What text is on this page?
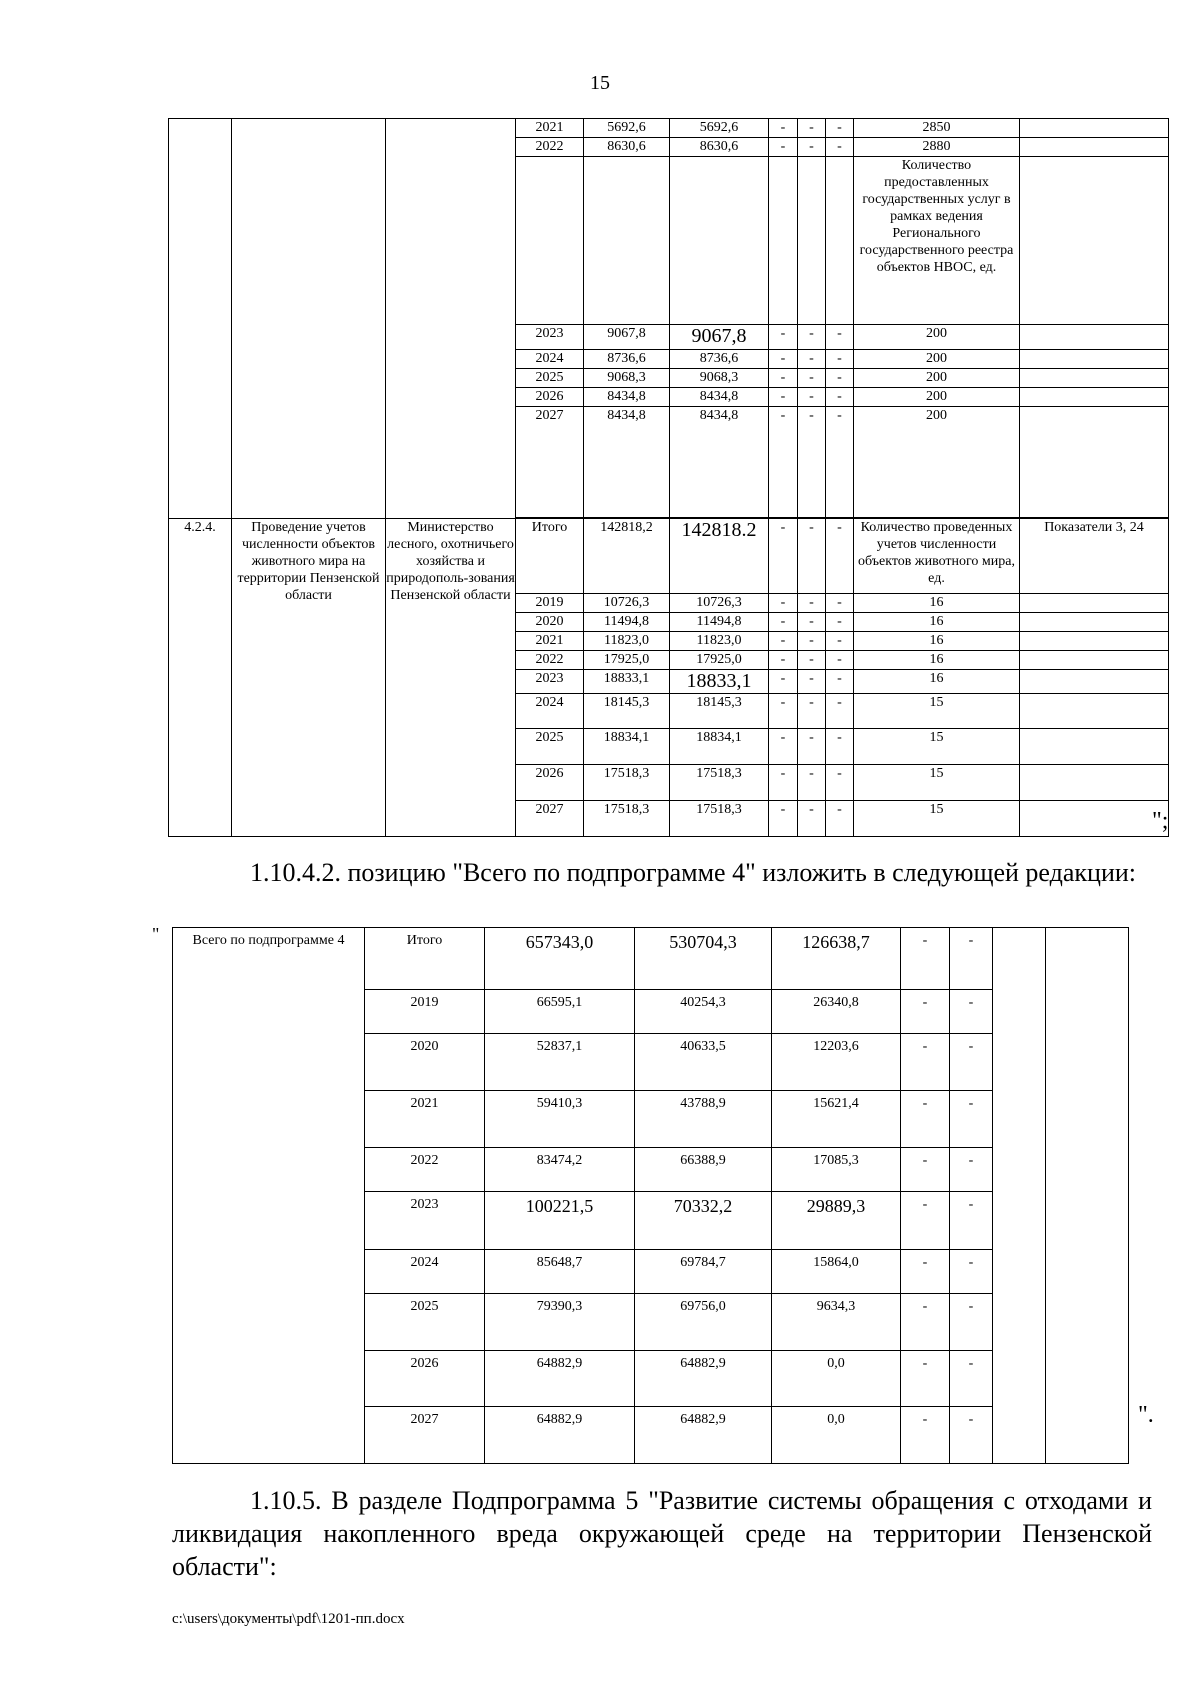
15
			2021	5692,6	5692,6	-	-	-	2850	
			2022	8630,6	8630,6	-	-	-	2880	
									Количество предоставленных государственных услуг в рамках ведения Регионального государственного реестра объектов НВОС, ед.	
			2023	9067,8	9067,8	-	-	-	200	
			2024	8736,6	8736,6	-	-	-	200	
			2025	9068,3	9068,3	-	-	-	200	
			2026	8434,8	8434,8	-	-	-	200	
			2027	8434,8	8434,8	-	-	-	200	

4.2.4.	Проведение учетов численности объектов животного мира на территории Пензенской области	Министерство лесного, охотничьего хозяйства и природополь-зования Пензенской области	Итого	142818,2	142818.2	-	-	-	Количество проведенных учетов численности объектов животного мира, ед.	Показатели 3, 24
			2019	10726,3	10726,3	-	-	-	16	
			2020	11494,8	11494,8	-	-	-	16	
			2021	11823,0	11823,0	-	-	-	16	
			2022	17925,0	17925,0	-	-	-	16	
			2023	18833,1	18833,1	-	-	-	16	
			2024	18145,3	18145,3	-	-	-	15	
			2025	18834,1	18834,1	-	-	-	15	
			2026	17518,3	17518,3	-	-	-	15	
			2027	17518,3	17518,3	-	-	-	15		";
1.10.4.2. позицию "Всего по подпрограмме 4" изложить в следующей редакции:
" Всего по подпрограмме 4	Итого	657343,0	530704,3	126638,7	-	-		
	2019	66595,1	40254,3	26340,8	-	-		
	2020	52837,1	40633,5	12203,6	-	-		
	2021	59410,3	43788,9	15621,4	-	-		
	2022	83474,2	66388,9	17085,3	-	-		
	2023	100221,5	70332,2	29889,3	-	-		
	2024	85648,7	69784,7	15864,0	-	-		
	2025	79390,3	69756,0	9634,3	-	-		
	2026	64882,9	64882,9	0,0	-	-		
	2027	64882,9	64882,9	0,0	-	-			".
1.10.5. В разделе Подпрограмма 5 "Развитие системы обращения с отходами и ликвидация накопленного вреда окружающей среде на территории Пензенской области":
c:\users\документы\pdf\1201-пп.docx
